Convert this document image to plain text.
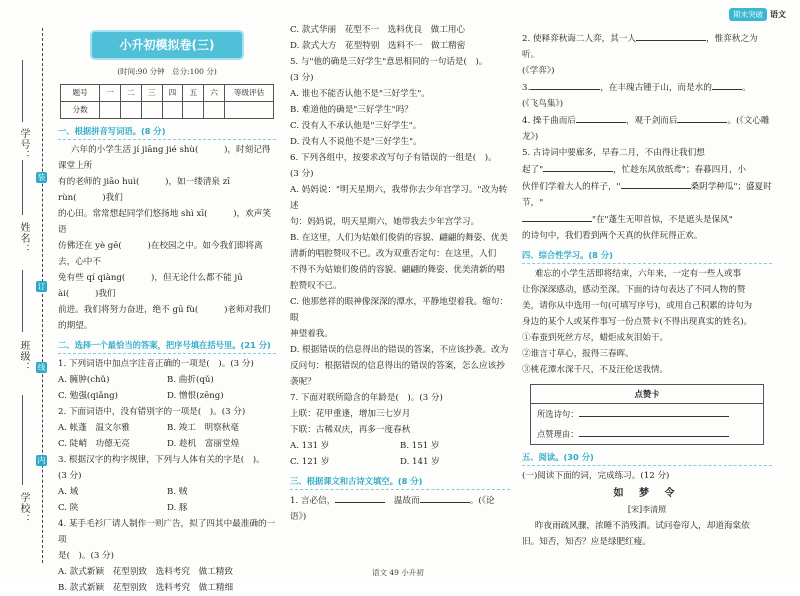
期末突破 语文
学号：
姓名：
班级：
学校：
装
订
线
内
小升初模拟卷(三)
(时间:90 分钟　总分:100 分)
题号	一	二	三	四	五	六	等级评估
分数							
一、根据拼音写词语。(8 分)

六年的小学生活 jí jiāng jié shù(　　　)，时刻记得课堂上所

有的老师的 jiāo huì(　　　)，如一缕清泉 zī rùn(　　　)我们

的心田。常常想起同学们悠扬地 shì xī(　　　)，欢声笑语

仿佛还在 yè gē(　　　)在校园之中。如今我们即将离去，心中不

免有些 qí qiàng(　　　)，但无论什么都不能 jū ài(　　　)我们

前进。我们将努力奋进，绝不 gū fù(　　　)老师对我们的期望。

二、选择一个最恰当的答案，把序号填在括号里。(21 分)

1. 下列词语中加点字注音正确的一项是(　)。(3 分)

A. 臃肿(chǔ)	B. 曲折(qǔ)
C. 勉强(qiǎng)	D. 憎恨(zēng)

2. 下面词语中，没有错别字的一项是(　)。(3 分)

A. 帐蓬　温文尔雅	B. 竣工　明察秋毫
C. 陡峭　功德无亮	D. 趁机　富丽堂煌

3. 根据汉字的构字规律，下列与人体有关的字是(　)。

(3 分)

A. 域	B. 贼
C. 陕	D. 豚

4. 某手毛衫厂请人制作一则广告，拟了四其中最准确的一项

是(　)。(3 分)

A. 款式新颖　花型别致　选料考究　做工精致

B. 款式新颖　花型别致　选料考究　做工精细

C. 款式华丽　花型不一　选料优良　做工用心

D. 款式大方　花型特别　选料不一　做工精密

5. 与"他的确是三好学生"意思相同的一句话是(　)。

(3 分)

A. 谁也不能否认他不是"三好学生"。

B. 难道他的确是"三好学生"吗？

C. 没有人不承认他是"三好学生"。

D. 没有人不说他不是"三好学生"。

6. 下列各组中，按要求改写句子有错误的一组是(　)。

(3 分)

A. 妈妈说："明天星期六，我带你去少年宫学习。"改为转述

句：妈妈说，明天星期六，她带我去少年宫学习。

B. 在这里，人们为姑娘们俊俏的容貌、翩翩的舞姿、优美

清新的唱腔赞叹不已。改为双重否定句：在这里，人们

不得不为姑娘们俊俏的容貌、翩翩的舞姿、优美清新的唱

腔赞叹不已。

C. 他那慈祥的眼神像深深的潭水，平静地望着我。缩句：眼

神望着我。

D. 根据错误的信息得出的错误的答案，不应该抄袭。改为

反问句：根据错误的信息得出的错误的答案，怎么应该抄

袭呢？

7. 下面对联所隐含的年龄是(　)。(3 分)

上联：花甲重逢，增加三七岁月

下联：古稀双庆，再多一度春秋

A. 131 岁	B. 151 岁
C. 121 岁	D. 141 岁
三、根据课文和古诗文填空。(8 分)

1. 言必信，　	温故而	。(《论语》)

2. 使释弈秋诲二人弈，其一人	，惟弈秋之为听。

(《学弈》)

3.	，在丰瑰古锺于山，而是水的	。

(《飞鸟集》)

4. 操千曲而后	，观千剑而后	。(《文心雕龙》)

5. 古诗词中要廊多，早春二月，不由得让我们想

起了"	，忙趁东风放纸鸢"；春暮四月，小

伙伴们学着大人的样子，"	桑阴学种瓜"；盛夏时节，"

"在"蓬生无叩首惊，不是遮头是保风"

的诗句中，我们看到两个天真的伙伴玩得正欢。

四、综合性学习。(8 分)

难忘的小学生活即将结束，六年来，一定有一些人或事

让你深深感动，感动至深。下面的诗句表达了不同人物的赞

美，请你从中选用一句(可填写序号)，或用自己积累的诗句为

身边的某个人或某件事写一份点赞卡(不得出现真实的姓名)。

①春蚕到死丝方尽，蜡炬成灰泪始干。

②谁言寸草心，报得三春晖。

③桃花潭水深千尺，不及汪伦送我情。

点赞卡
所选诗句：
点赞理由：
五、阅读。(30 分)

(一)阅读下面的词，完成练习。(12 分)

如 梦 令
[宋]李清照

昨夜雨疏风骤，浓睡不消残酒。试问卷帘人，却道海棠依

旧。知否，知否？应是绿肥红瘦。

语文 49 小升初
